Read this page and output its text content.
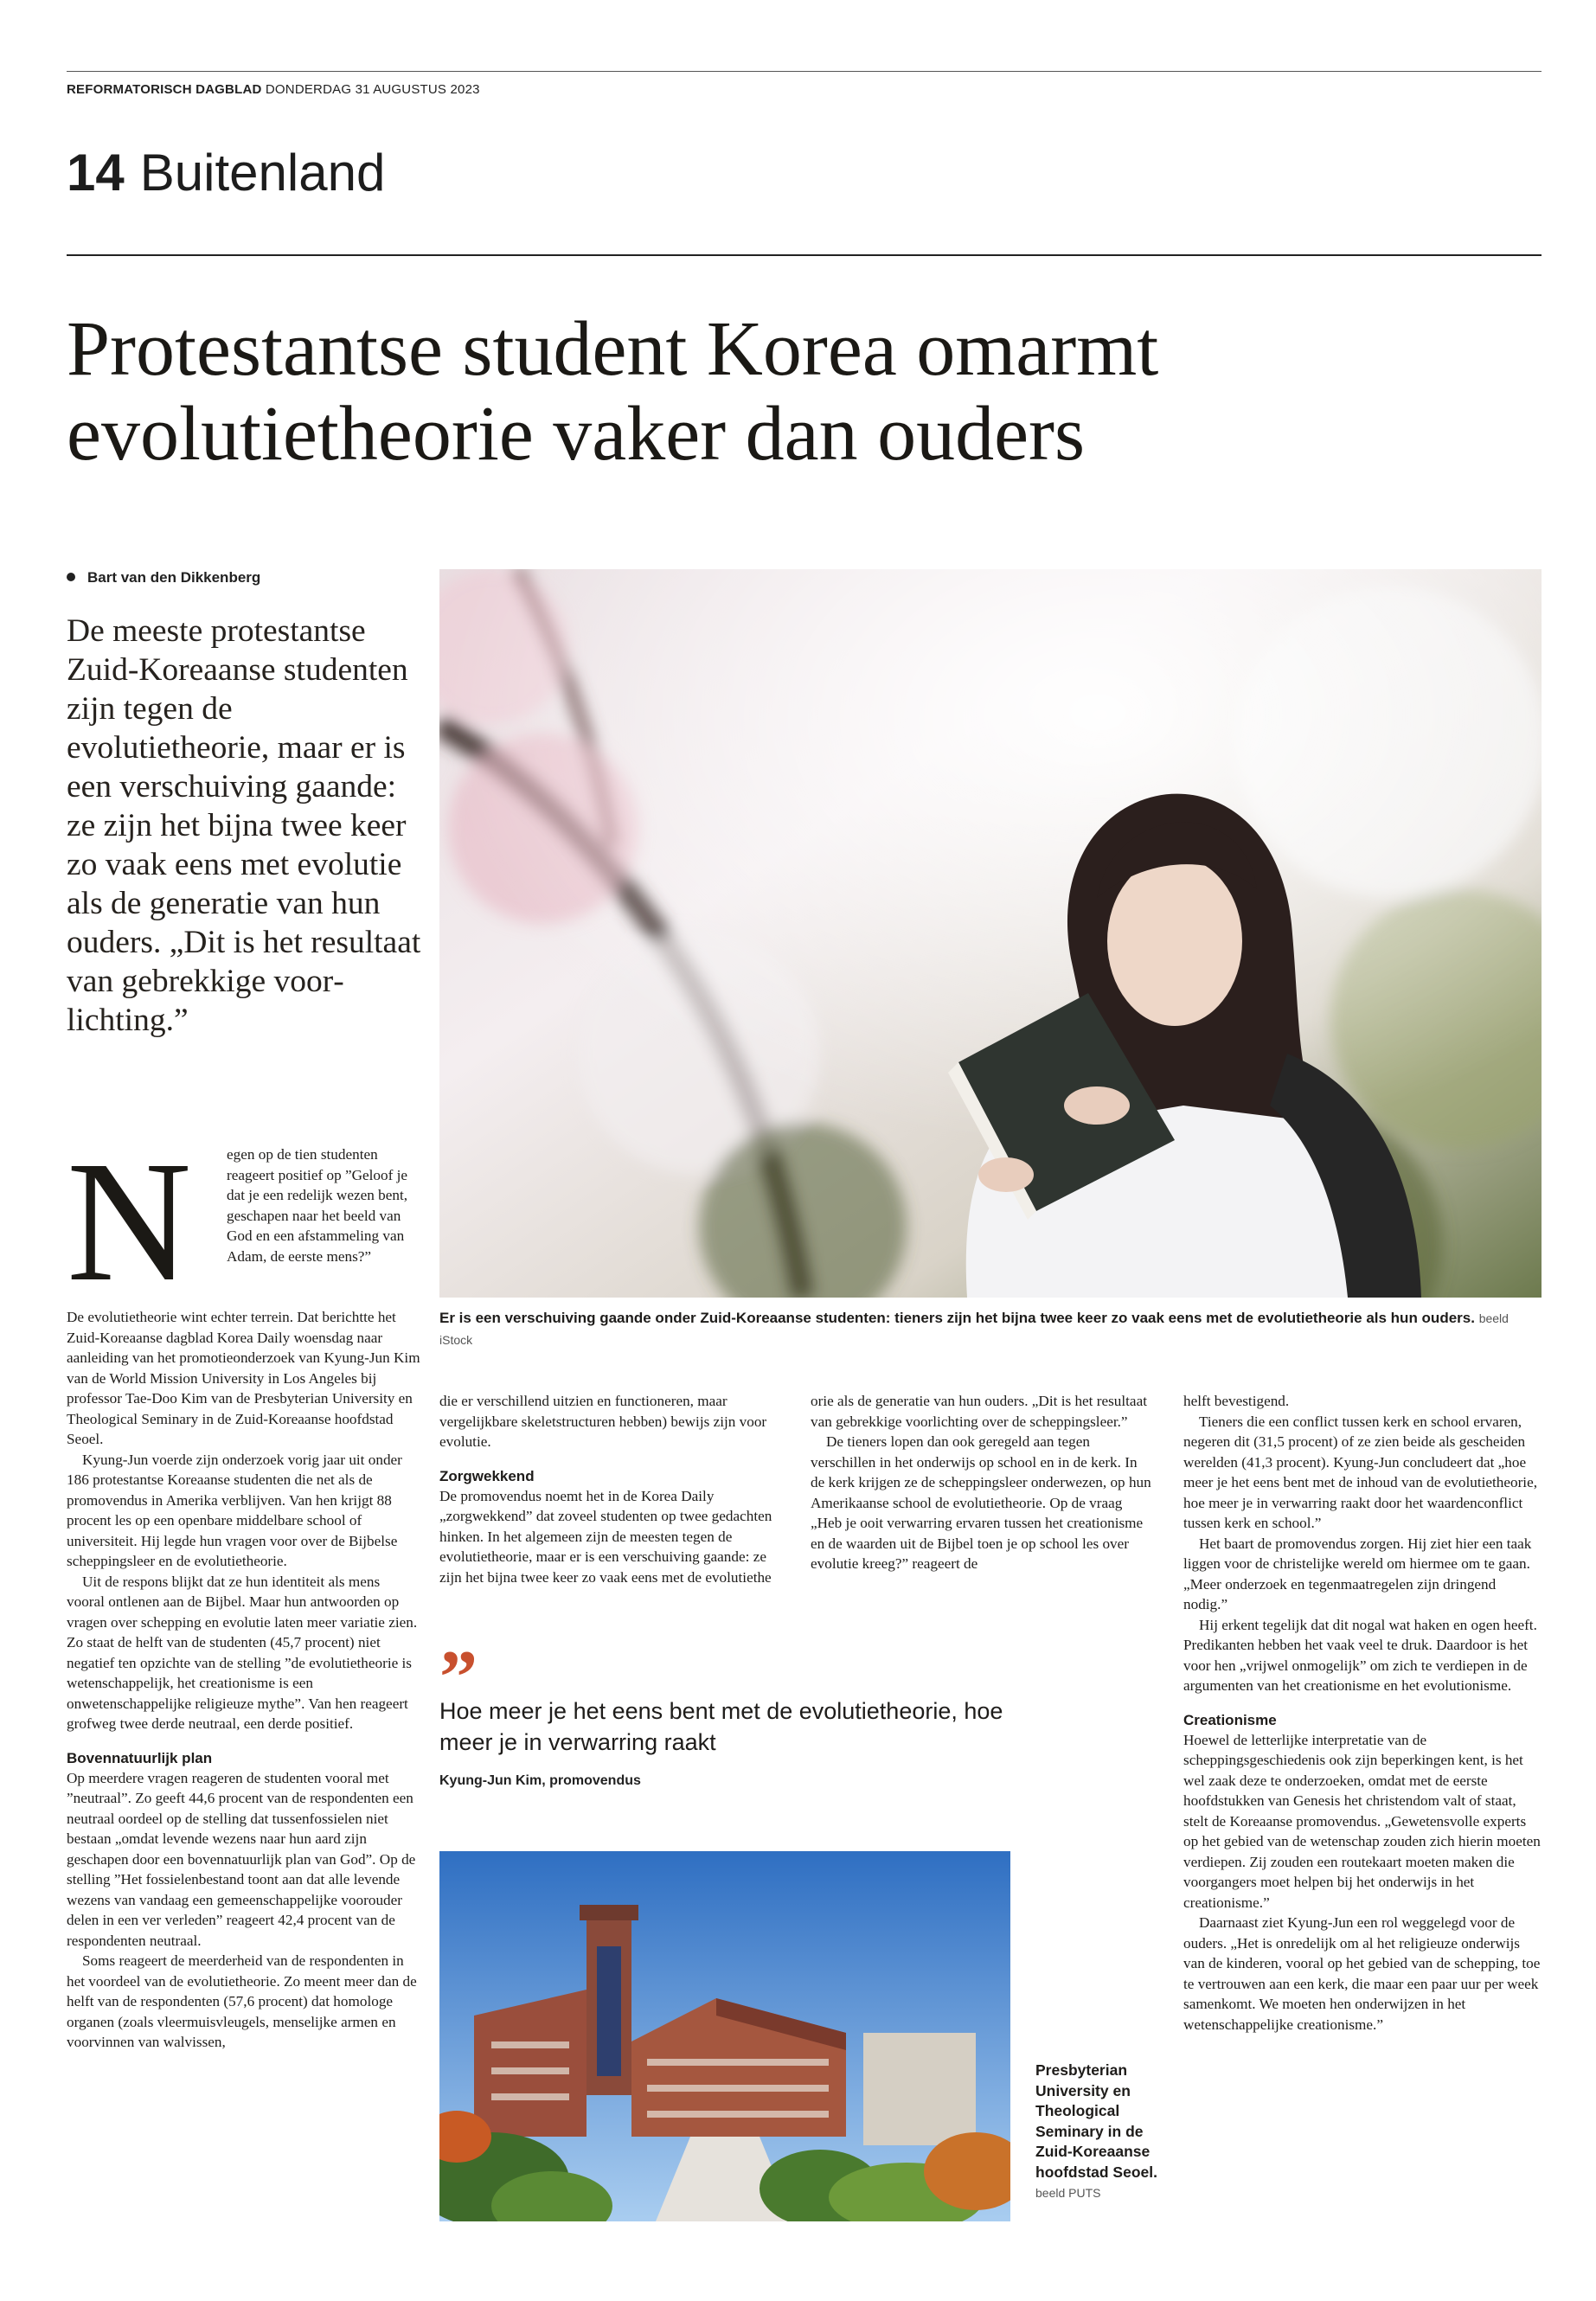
REFORMATORISCH DAGBLAD DONDERDAG 31 AUGUSTUS 2023
14 Buitenland
Protestantse student Korea omarmt evolutietheorie vaker dan ouders
Bart van den Dikkenberg
De meeste protestantse Zuid-Koreaanse studenten zijn tegen de evolutietheorie, maar er is een verschuiving gaande: ze zijn het bijna twee keer zo vaak eens met evolutie als de generatie van hun ouders. „Dit is het resultaat van gebrekkige voorlichting.”
Er is een verschuiving gaande onder Zuid-Koreaanse studenten: tieners zijn het bijna twee keer zo vaak eens met de evolutietheorie als hun ouders. beeld iStock
N egen op de tien studenten reageert positief op ”Geloof je dat je een redelijk wezen bent, geschapen naar het beeld van God en een afstammeling van Adam, de eerste mens?”

De evolutietheorie wint echter terrein. Dat berichtte het Zuid-Koreaanse dagblad Korea Daily woensdag naar aanleiding van het promotieonderzoek van Kyung-Jun Kim van de World Mission University in Los Angeles bij professor Tae-Doo Kim van de Presbyterian University en Theological Seminary in de Zuid-Koreaanse hoofdstad Seoel.

Kyung-Jun voerde zijn onderzoek vorig jaar uit onder 186 protestantse Koreaanse studenten die net als de promovendus in Amerika verblijven. Van hen krijgt 88 procent les op een openbare middelbare school of universiteit. Hij legde hun vragen voor over de Bijbelse scheppingsleer en de evolutietheorie.

Uit de respons blijkt dat ze hun identiteit als mens vooral ontlenen aan de Bijbel. Maar hun antwoorden op vragen over schepping en evolutie laten meer variatie zien. Zo staat de helft van de studenten (45,7 procent) niet negatief ten opzichte van de stelling ”de evolutietheorie is wetenschappelijk, het creationisme is een onwetenschappelijke religieuze mythe”. Van hen reageert grofweg twee derde neutraal, een derde positief.

Bovennatuurlijk plan

Op meerdere vragen reageren de studenten vooral met ”neutraal”. Zo geeft 44,6 procent van de respondenten een neutraal oordeel op de stelling dat tussenfossielen niet bestaan „omdat levende wezens naar hun aard zijn geschapen door een bovennatuurlijk plan van God”. Op de stelling ”Het fossielenbestand toont aan dat alle levende wezens van vandaag een gemeenschappelijke voorouder delen in een ver verleden” reageert 42,4 procent van de respondenten neutraal.

Soms reageert de meerderheid van de respondenten in het voordeel van de evolutietheorie. Zo meent meer dan de helft van de respondenten (57,6 procent) dat homologe organen (zoals vleermuisvleugels, menselijke armen en voorvinnen van walvissen,

die er verschillend uitzien en functioneren, maar vergelijkbare skeletstructuren hebben) bewijs zijn voor evolutie.

Zorgwekkend

De promovendus noemt het in de Korea Daily „zorgwekkend” dat zoveel studenten op twee gedachten hinken. In het algemeen zijn de meesten tegen de evolutietheorie, maar er is een verschuiving gaande: ze zijn het bijna twee keer zo vaak eens met de evolutiethe

orie als de generatie van hun ouders. „Dit is het resultaat van gebrekkige voorlichting over de scheppingsleer.”

De tieners lopen dan ook geregeld aan tegen verschillen in het onderwijs op school en in de kerk. In de kerk krijgen ze de scheppingsleer onderwezen, op hun Amerikaanse school de evolutietheorie. Op de vraag „Heb je ooit verwarring ervaren tussen het creationisme en de waarden uit de Bijbel toen je op school les over evolutie kreeg?” reageert de

helft bevestigend.

Tieners die een conflict tussen kerk en school ervaren, negeren dit (31,5 procent) of ze zien beide als gescheiden werelden (41,3 procent). Kyung-Jun concludeert dat „hoe meer je het eens bent met de inhoud van de evolutietheorie, hoe meer je in verwarring raakt door het waardenconflict tussen kerk en school.”

Het baart de promovendus zorgen. Hij ziet hier een taak liggen voor de christelijke wereld om hiermee om te gaan. „Meer onderzoek en tegenmaatregelen zijn dringend nodig.”

Hij erkent tegelijk dat dit nogal wat haken en ogen heeft. Predikanten hebben het vaak veel te druk. Daardoor is het voor hen „vrijwel onmogelijk” om zich te verdiepen in de argumenten van het creationisme en het evolutionisme.

Creationisme

Hoewel de letterlijke interpretatie van de scheppingsgeschiedenis ook zijn beperkingen kent, is het wel zaak deze te onderzoeken, omdat met de eerste hoofdstukken van Genesis het christendom valt of staat, stelt de Koreaanse promovendus. „Gewetensvolle experts op het gebied van de wetenschap zouden zich hierin moeten verdiepen. Zij zouden een routekaart moeten maken die voorgangers moet helpen bij het onderwijs in het creationisme.”

Daarnaast ziet Kyung-Jun een rol weggelegd voor de ouders. „Het is onredelijk om al het religieuze onderwijs van de kinderen, vooral op het gebied van de schepping, toe te vertrouwen aan een kerk, die maar een paar uur per week samenkomt. We moeten hen onderwijzen in het wetenschappelijke creationisme.”

”
Hoe meer je het eens bent met de evolutietheorie, hoe meer je in verwarring raakt
Kyung-Jun Kim, promovendus
Presbyterian University en Theological Seminary in de Zuid-Koreaanse hoofdstad Seoel. beeld PUTS
